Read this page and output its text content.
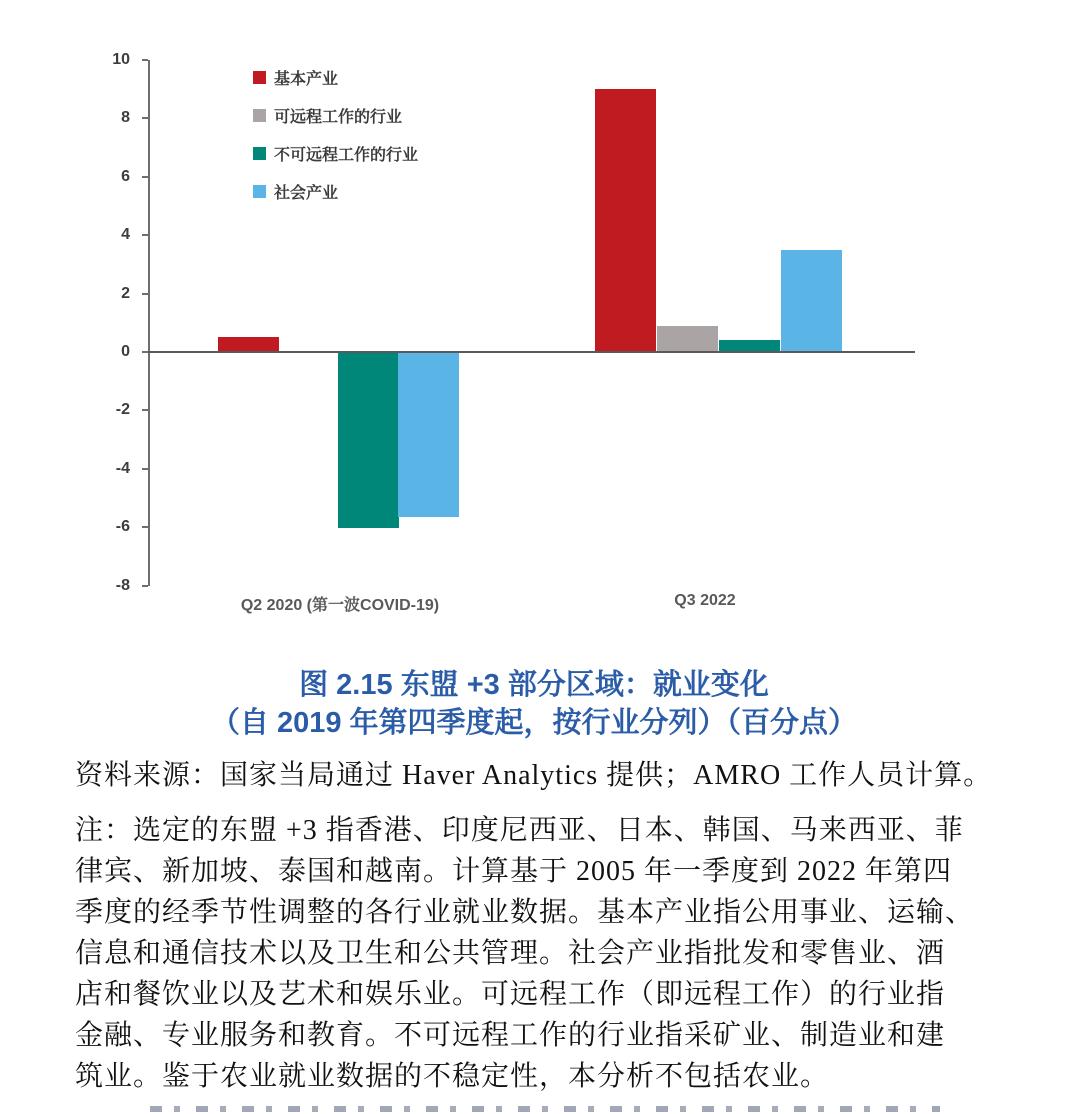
10
8
6
4
2
0
-2
-4
-6
-8
基本产业
可远程工作的行业
不可远程工作的行业
社会产业
Q2 2020 (第一波COVID-19)	Q3 2022
图 2.15 东盟 +3 部分区域：就业变化
（自 2019 年第四季度起，按行业分列）（百分点）

资料来源：国家当局通过 Haver Analytics 提供；AMRO 工作人员计算。

注：选定的东盟 +3 指香港、印度尼西亚、日本、韩国、马来西亚、菲
律宾、新加坡、泰国和越南。计算基于 2005 年一季度到 2022 年第四
季度的经季节性调整的各行业就业数据。基本产业指公用事业、运输、
信息和通信技术以及卫生和公共管理。社会产业指批发和零售业、酒
店和餐饮业以及艺术和娱乐业。可远程工作（即远程工作）的行业指
金融、专业服务和教育。不可远程工作的行业指采矿业、制造业和建
筑业。鉴于农业就业数据的不稳定性，本分析不包括农业。
